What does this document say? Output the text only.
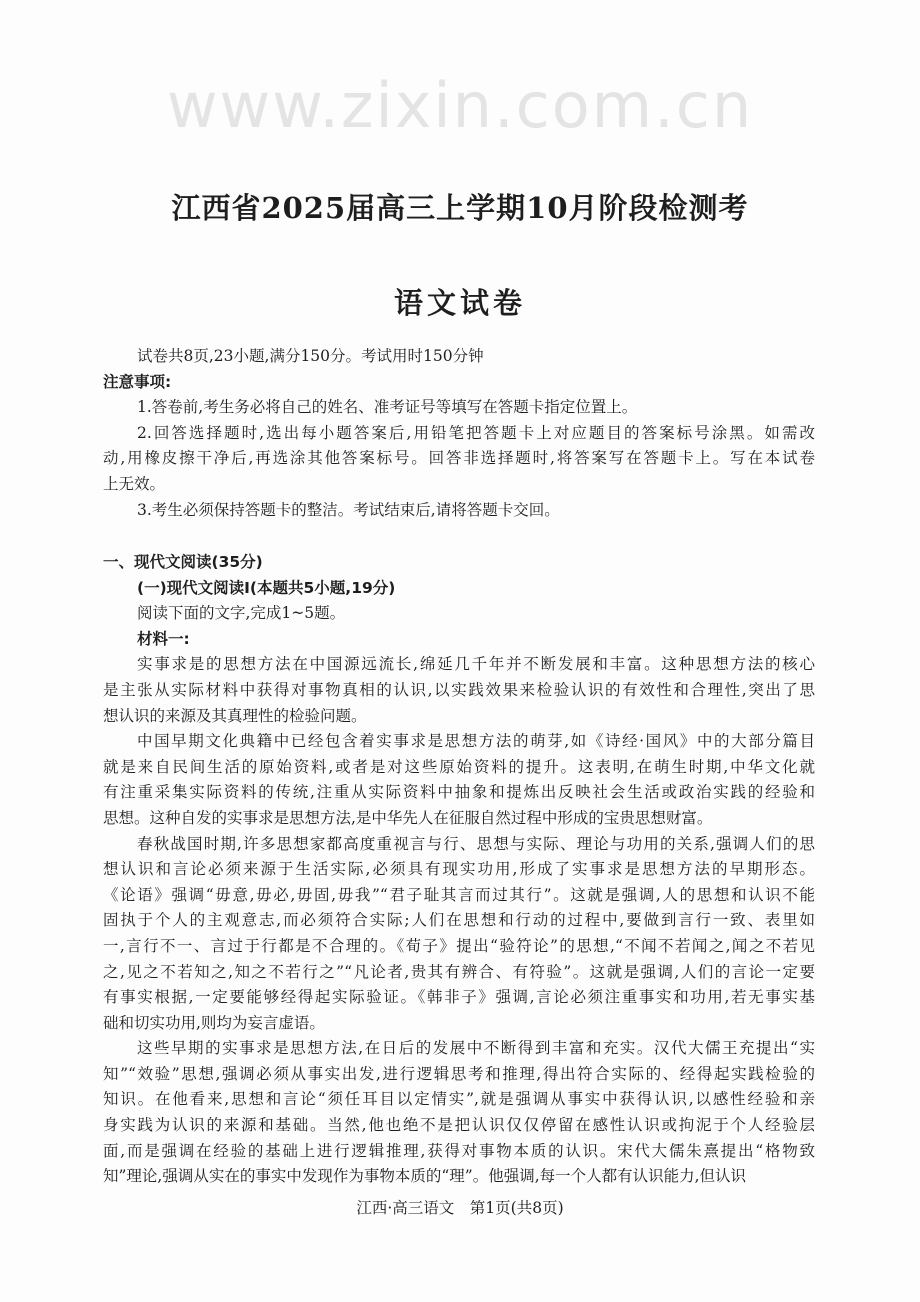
www.zixin.com.cn
江西省2025届高三上学期10月阶段检测考
语文试卷
试卷共8页,23小题,满分150分。考试用时150分钟
注意事项:
1.答卷前,考生务必将自己的姓名、准考证号等填写在答题卡指定位置上。
2.回答选择题时,选出每小题答案后,用铅笔把答题卡上对应题目的答案标号涂黑。如需改
动,用橡皮擦干净后,再选涂其他答案标号。回答非选择题时,将答案写在答题卡上。写在本试卷
上无效。
3.考生必须保持答题卡的整洁。考试结束后,请将答题卡交回。
一、现代文阅读(35分)
(一)现代文阅读Ⅰ(本题共5小题,19分)
阅读下面的文字,完成1~5题。
材料一:
实事求是的思想方法在中国源远流长,绵延几千年并不断发展和丰富。这种思想方法的核心
是主张从实际材料中获得对事物真相的认识,以实践效果来检验认识的有效性和合理性,突出了思
想认识的来源及其真理性的检验问题。
中国早期文化典籍中已经包含着实事求是思想方法的萌芽,如《诗经·国风》中的大部分篇目
就是来自民间生活的原始资料,或者是对这些原始资料的提升。这表明,在萌生时期,中华文化就
有注重采集实际资料的传统,注重从实际资料中抽象和提炼出反映社会生活或政治实践的经验和
思想。这种自发的实事求是思想方法,是中华先人在征服自然过程中形成的宝贵思想财富。
春秋战国时期,许多思想家都高度重视言与行、思想与实际、理论与功用的关系,强调人们的思
想认识和言论必须来源于生活实际,必须具有现实功用,形成了实事求是思想方法的早期形态。
《论语》强调“毋意,毋必,毋固,毋我”“君子耻其言而过其行”。这就是强调,人的思想和认识不能
固执于个人的主观意志,而必须符合实际;人们在思想和行动的过程中,要做到言行一致、表里如
一,言行不一、言过于行都是不合理的。《荀子》提出“验符论”的思想,“不闻不若闻之,闻之不若见
之,见之不若知之,知之不若行之”“凡论者,贵其有辨合、有符验”。这就是强调,人们的言论一定要
有事实根据,一定要能够经得起实际验证。《韩非子》强调,言论必须注重事实和功用,若无事实基
础和切实功用,则均为妄言虚语。
这些早期的实事求是思想方法,在日后的发展中不断得到丰富和充实。汉代大儒王充提出“实
知”“效验”思想,强调必须从事实出发,进行逻辑思考和推理,得出符合实际的、经得起实践检验的
知识。在他看来,思想和言论“须任耳目以定情实”,就是强调从事实中获得认识,以感性经验和亲
身实践为认识的来源和基础。当然,他也绝不是把认识仅仅停留在感性认识或拘泥于个人经验层
面,而是强调在经验的基础上进行逻辑推理,获得对事物本质的认识。宋代大儒朱熹提出“格物致
知”理论,强调从实在的事实中发现作为事物本质的“理”。他强调,每一个人都有认识能力,但认识
江西·高三语文　第1页(共8页)
